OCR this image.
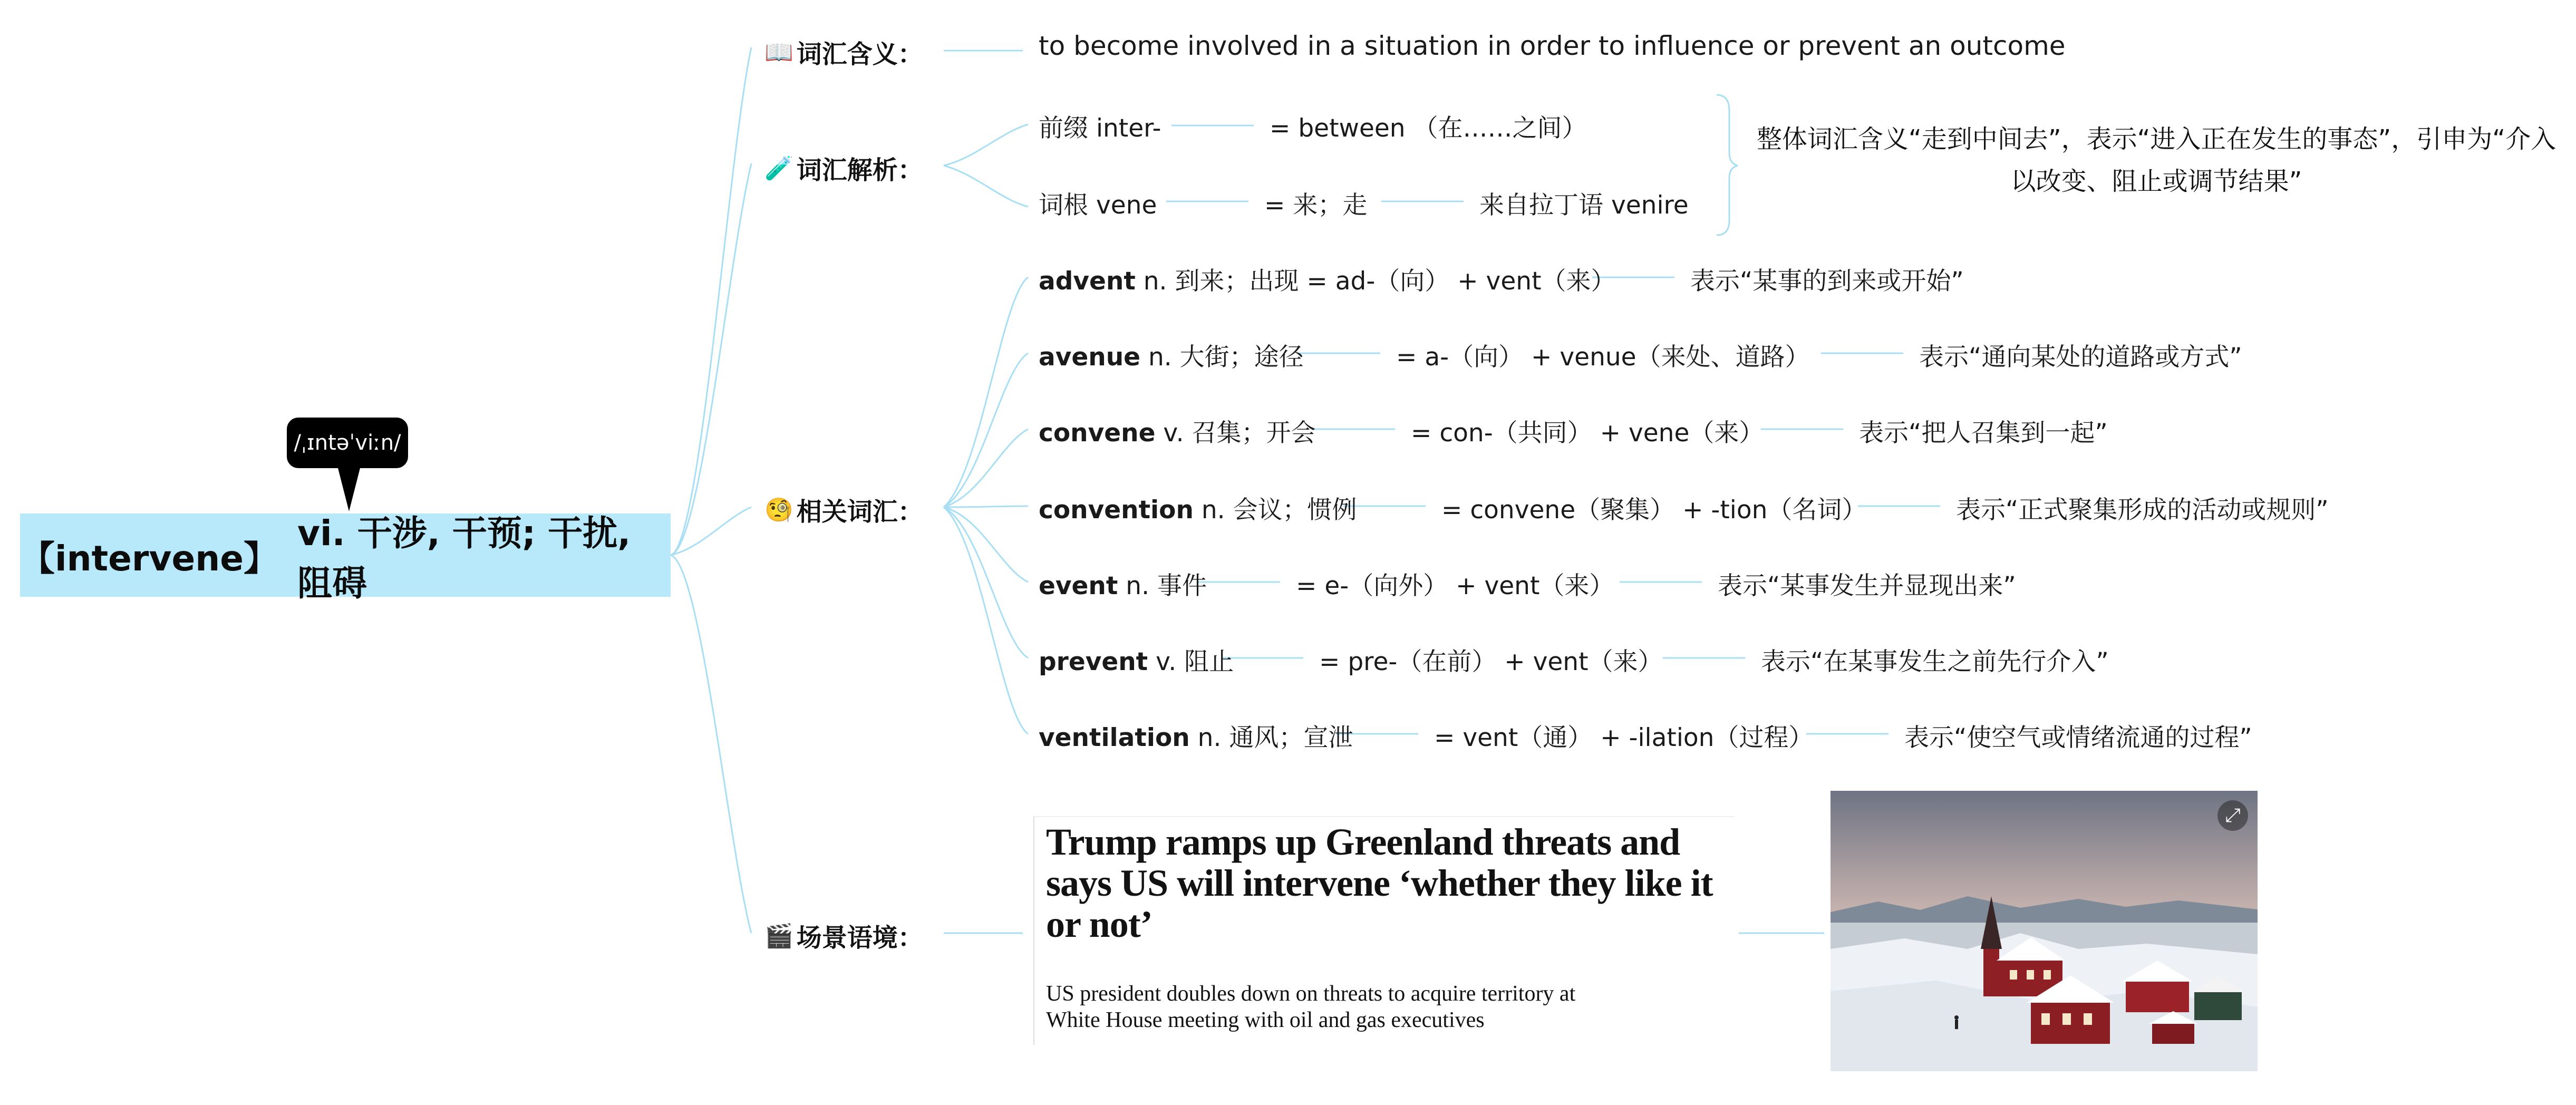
/ˌɪntəˈviːn/
【intervene】
vi. 干涉, 干预; 干扰, 阻碍
📖 词汇含义：	to become involved in a situation in order to influence or prevent an outcome
🧪 词汇解析：
前缀 inter-	= between （在……之间）
词根 vene	= 来；走	来自拉丁语 venire
整体词汇含义“走到中间去”，表示“进入正在发生的事态”，引申为“介入以改变、阻止或调节结果”
🧐 相关词汇：
advent n. 到来；出现 = ad-（向） + vent（来）	表示“某事的到来或开始”
avenue n. 大街；途径	= a-（向） + venue（来处、道路）	表示“通向某处的道路或方式”
convene v. 召集；开会	= con-（共同） + vene（来）	表示“把人召集到一起”
convention n. 会议；惯例	= convene（聚集） + -tion（名词）	表示“正式聚集形成的活动或规则”
event n. 事件	= e-（向外） + vent（来）	表示“某事发生并显现出来”
prevent v. 阻止	= pre-（在前） + vent（来）	表示“在某事发生之前先行介入”
ventilation n. 通风；宣泄	= vent（通） + -ilation（过程）	表示“使空气或情绪流通的过程”
🎬 场景语境：
Trump ramps up Greenland threats and says US will intervene ‘whether they like it or not’
US president doubles down on threats to acquire territory at White House meeting with oil and gas executives
⤢
